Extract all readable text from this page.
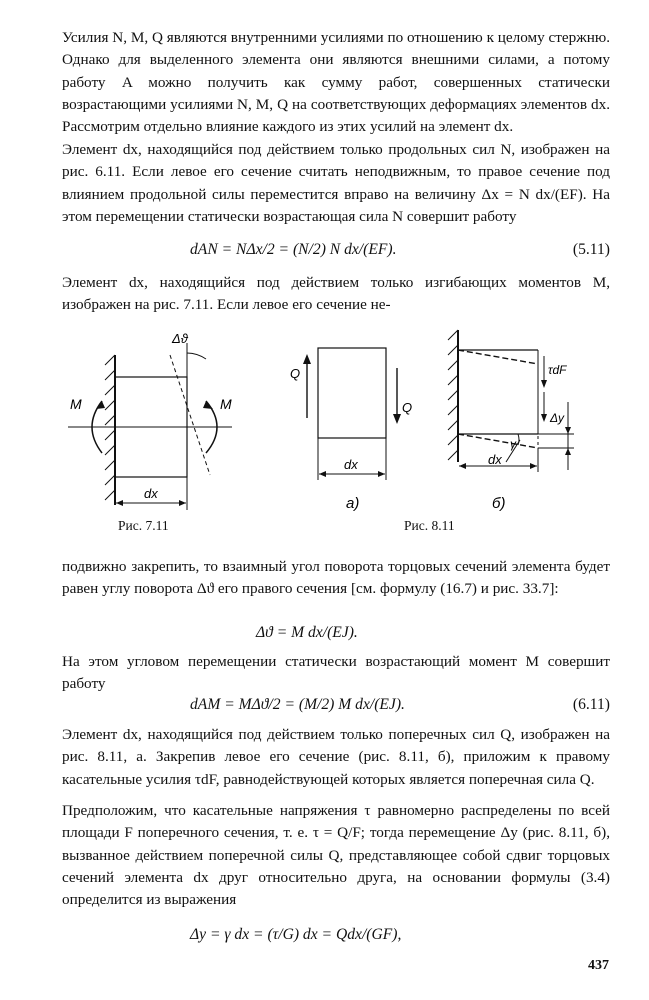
Усилия N, M, Q являются внутренними усилиями по отношению к целому стержню. Однако для выделенного элемента они являются внешними силами, а потому работу A можно получить как сумму работ, совершенных статически возрастающими усилиями N, M, Q на соответствующих деформациях элементов dx. Рассмотрим отдельно влияние каждого из этих усилий на элемент dx.

Элемент dx, находящийся под действием только продольных сил N, изображен на рис. 6.11. Если левое его сечение считать неподвижным, то правое сечение под влиянием продольной силы переместится вправо на величину Δx = N dx/(EF). На этом перемещении статически возрастающая сила N совершит работу

dAN = NΔx/2 = (N/2) N dx/(EF).	(5.11)

Элемент dx, находящийся под действием только изгибающих моментов M, изображен на рис. 7.11. Если левое его сечение не-

Δϑ
M	M
dx
Рис. 7.11
Q
Q
dx
a)
τdF
Δy
γ
dx
б)
Рис. 8.11

подвижно закрепить, то взаимный угол поворота торцовых сечений элемента будет равен углу поворота Δϑ его правого сечения [см. формулу (16.7) и рис. 33.7]:

Δϑ = M dx/(EJ).

На этом угловом перемещении статически возрастающий момент M совершит работу

dAM = MΔϑ/2 = (M/2) M dx/(EJ).	(6.11)

Элемент dx, находящийся под действием только поперечных сил Q, изображен на рис. 8.11, а. Закрепив левое его сечение (рис. 8.11, б), приложим к правому касательные усилия τdF, равнодействующей которых является поперечная сила Q.

Предположим, что касательные напряжения τ равномерно распределены по всей площади F поперечного сечения, т. е. τ = Q/F; тогда перемещение Δy (рис. 8.11, б), вызванное действием поперечной силы Q, представляющее собой сдвиг торцовых сечений элемента dx друг относительно друга, на основании формулы (3.4) определится из выражения

Δy = γ dx = (τ/G) dx = Qdx/(GF),
437
